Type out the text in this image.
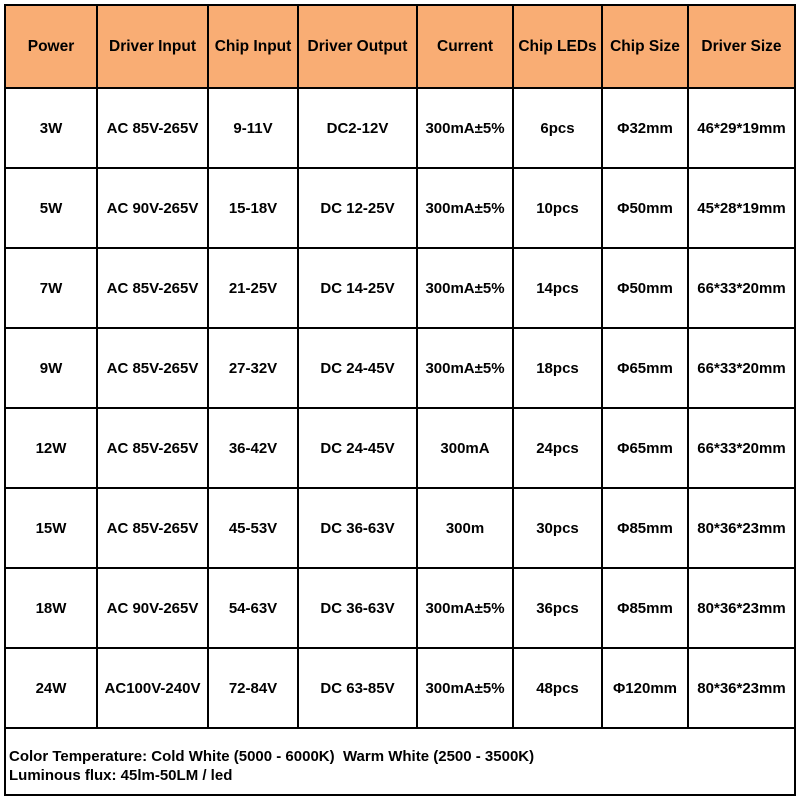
Power	Driver Input	Chip Input	Driver Output	Current	Chip LEDs	Chip Size	Driver Size
3W	AC 85V-265V	9-11V	DC2-12V	300mA±5%	6pcs	Φ32mm	46*29*19mm
5W	AC 90V-265V	15-18V	DC 12-25V	300mA±5%	10pcs	Φ50mm	45*28*19mm
7W	AC 85V-265V	21-25V	DC 14-25V	300mA±5%	14pcs	Φ50mm	66*33*20mm
9W	AC 85V-265V	27-32V	DC 24-45V	300mA±5%	18pcs	Φ65mm	66*33*20mm
12W	AC 85V-265V	36-42V	DC 24-45V	300mA	24pcs	Φ65mm	66*33*20mm
15W	AC 85V-265V	45-53V	DC 36-63V	300m	30pcs	Φ85mm	80*36*23mm
18W	AC 90V-265V	54-63V	DC 36-63V	300mA±5%	36pcs	Φ85mm	80*36*23mm
24W	AC100V-240V	72-84V	DC 63-85V	300mA±5%	48pcs	Φ120mm	80*36*23mm
Color Temperature: Cold White (5000 - 6000K)  Warm White (2500 - 3500K)
Luminous flux: 45lm-50LM / led
